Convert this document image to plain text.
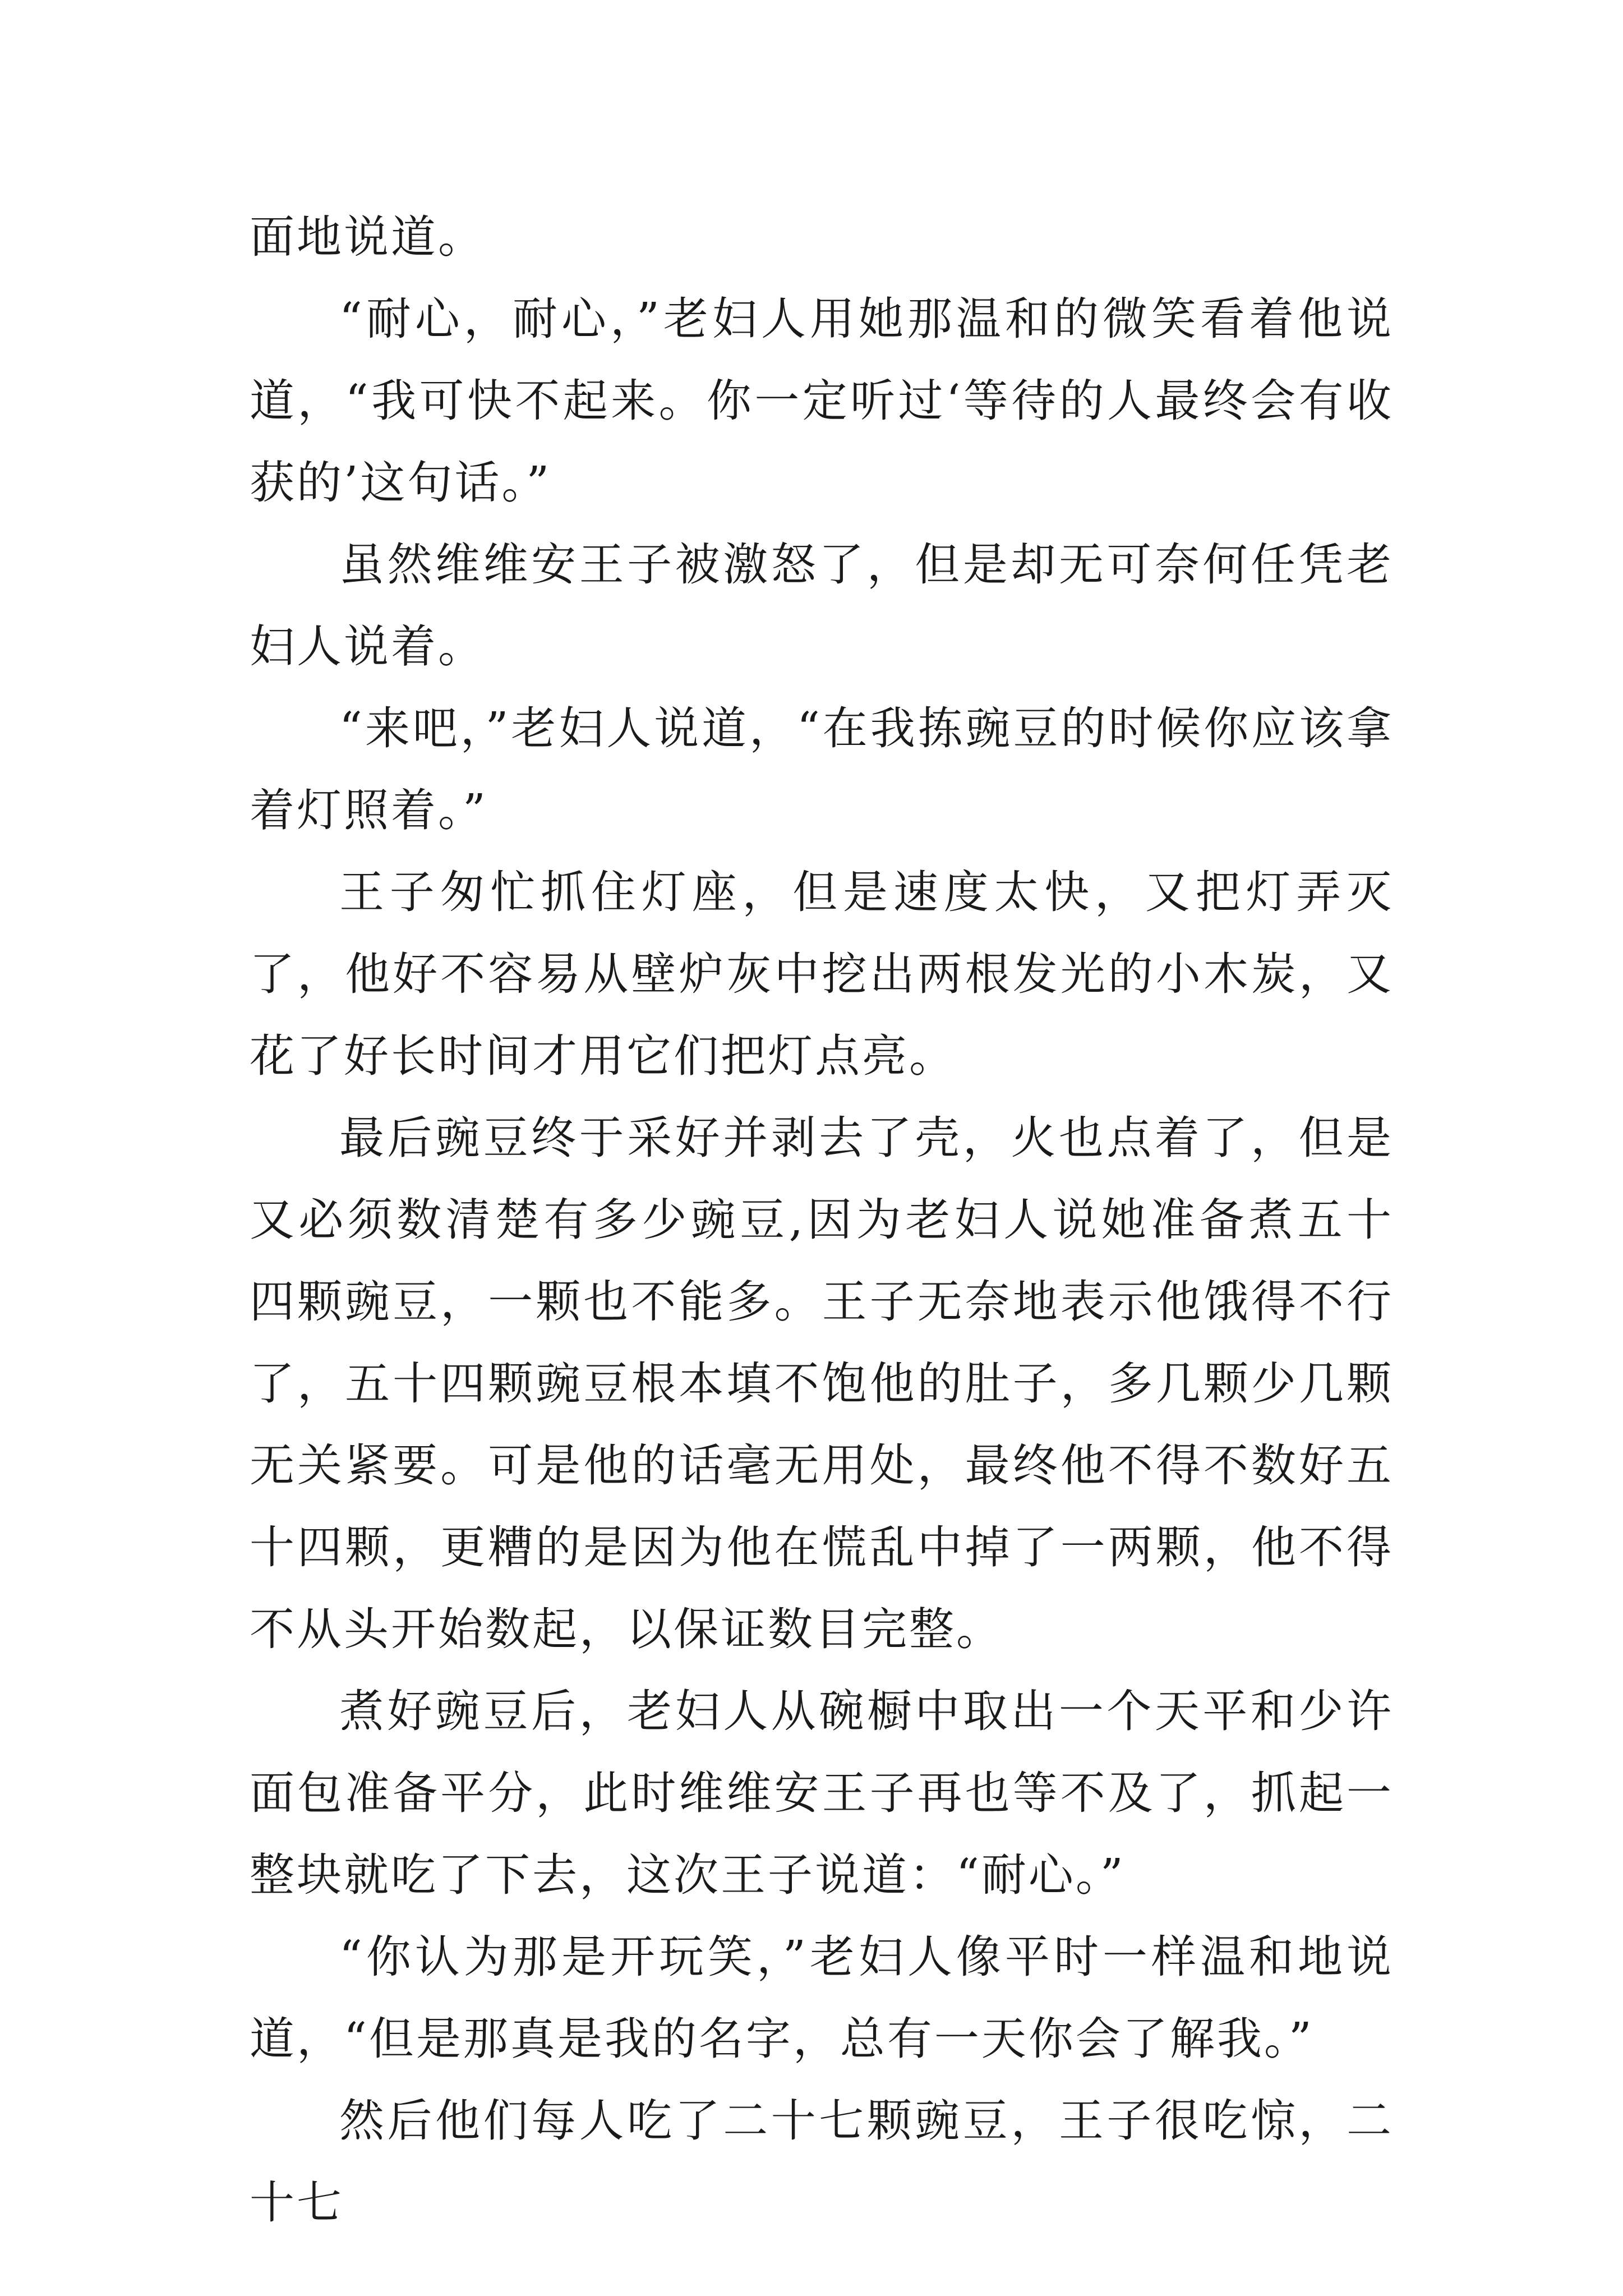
面地说道。

“耐心，耐心，”老妇人用她那温和的微笑看着他说道，“我可快不起来。你一定听过‘等待的人最终会有收获的’这句话。”

虽然维维安王子被激怒了，但是却无可奈何任凭老妇人说着。

“来吧，”老妇人说道，“在我拣豌豆的时候你应该拿着灯照着。”

王子匆忙抓住灯座，但是速度太快，又把灯弄灭了，他好不容易从壁炉灰中挖出两根发光的小木炭，又花了好长时间才用它们把灯点亮。

最后豌豆终于采好并剥去了壳，火也点着了，但是又必须数清楚有多少豌豆,因为老妇人说她准备煮五十四颗豌豆，一颗也不能多。王子无奈地表示他饿得不行了，五十四颗豌豆根本填不饱他的肚子，多几颗少几颗无关紧要。可是他的话毫无用处，最终他不得不数好五十四颗，更糟的是因为他在慌乱中掉了一两颗，他不得不从头开始数起，以保证数目完整。

煮好豌豆后，老妇人从碗橱中取出一个天平和少许面包准备平分，此时维维安王子再也等不及了，抓起一整块就吃了下去，这次王子说道：“耐心。”

“你认为那是开玩笑，”老妇人像平时一样温和地说道，“但是那真是我的名字，总有一天你会了解我。”

然后他们每人吃了二十七颗豌豆，王子很吃惊，二十七
